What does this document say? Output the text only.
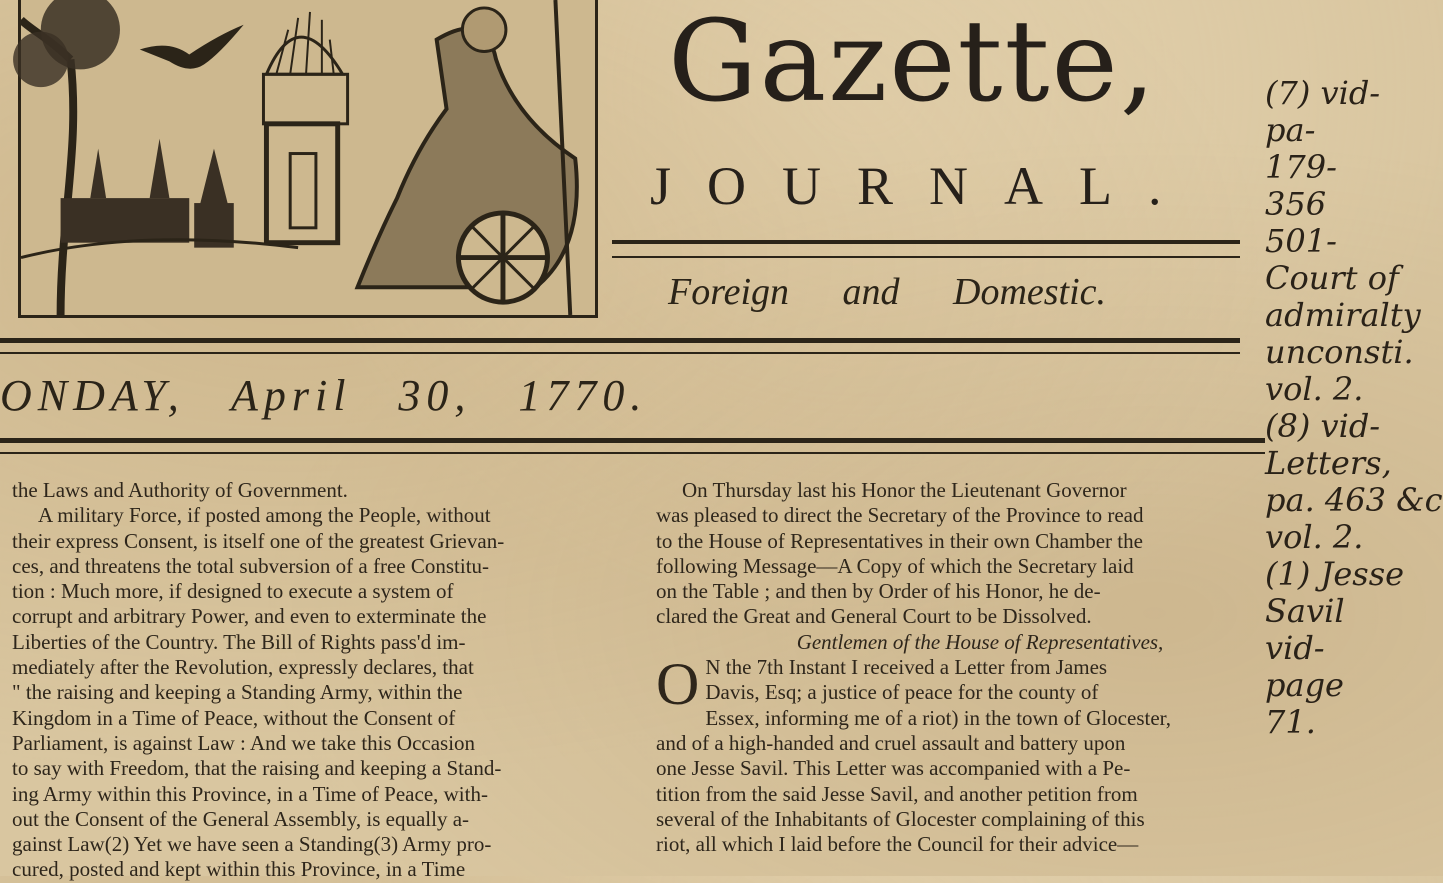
Gazette,
JOURNAL.
Foreign and Domestic.
ONDAY, April 30, 1770.

the Laws and Authority of Government.

A military Force, if posted among the People, without

their express Consent, is itself one of the greatest Grievan-

ces, and threatens the total subversion of a free Constitu-

tion : Much more, if designed to execute a system of

corrupt and arbitrary Power, and even to exterminate the

Liberties of the Country. The Bill of Rights pass'd im-

mediately after the Revolution, expressly declares, that

" the raising and keeping a Standing Army, within the

Kingdom in a Time of Peace, without the Consent of

Parliament, is against Law : And we take this Occasion

to say with Freedom, that the raising and keeping a Stand-

ing Army within this Province, in a Time of Peace, with-

out the Consent of the General Assembly, is equally a-

gainst Law(2) Yet we have seen a Standing(3) Army pro-

cured, posted and kept within this Province, in a Time

On Thursday last his Honor the Lieutenant Governor

was pleased to direct the Secretary of the Province to read

to the House of Representatives in their own Chamber the

following Message—A Copy of which the Secretary laid

on the Table ; and then by Order of his Honor, he de-

clared the Great and General Court to be Dissolved.

Gentlemen of the House of Representatives,

O N the 7th Instant I received a Letter from James

Davis, Esq; a justice of peace for the county of

Essex, informing me of a riot) in the town of Glocester,

and of a high-handed and cruel assault and battery upon

one Jesse Savil. This Letter was accompanied with a Pe-

tition from the said Jesse Savil, and another petition from

several of the Inhabitants of Glocester complaining of this

riot, all which I laid before the Council for their advice—

(7) vid-
pa-
179-
356
501-
Court of
admiralty
unconsti.
vol. 2.
(8) vid-
Letters,
pa. 463 &c
vol. 2.
(1) Jesse
Savil
vid-
page
71.
